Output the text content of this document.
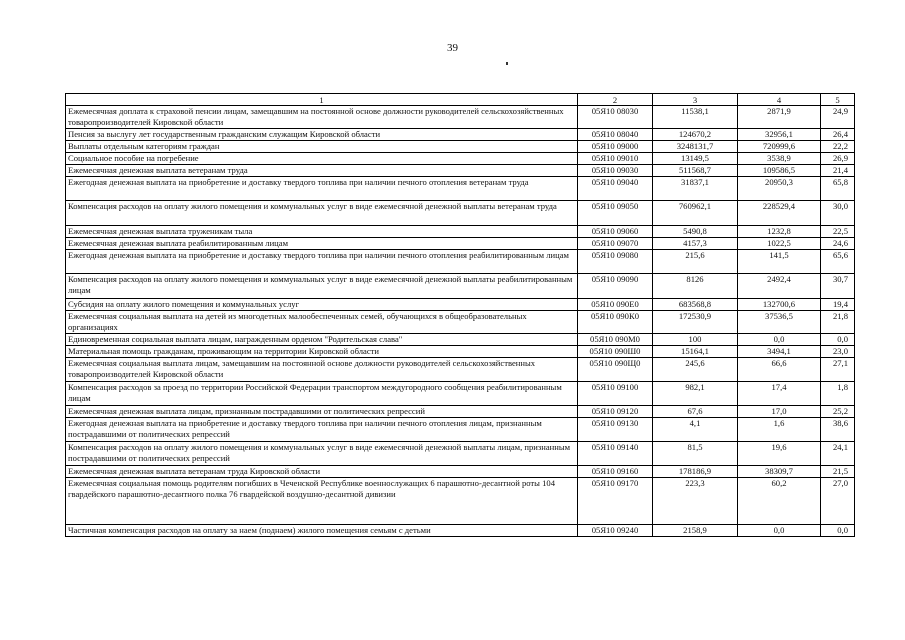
39
1	2	3	4	5
Ежемесячная доплата к страховой пенсии лицам, замещавшим на постоянной основе должности руководителей сельскохозяйственных товаропроизводителей Кировской области	05Я10 08030	11538,1	2871,9	24,9
Пенсия за выслугу лет государственным гражданским служащим Кировской области	05Я10 08040	124670,2	32956,1	26,4
Выплаты отдельным категориям граждан	05Я10 09000	3248131,7	720999,6	22,2
Социальное пособие на погребение	05Я10 09010	13149,5	3538,9	26,9
Ежемесячная денежная выплата ветеранам труда	05Я10 09030	511568,7	109586,5	21,4
Ежегодная денежная выплата на приобретение и доставку твердого топлива при наличии печного отопления ветеранам труда	05Я10 09040	31837,1	20950,3	65,8
Компенсация расходов на оплату жилого помещения и коммунальных услуг в виде ежемесячной денежной выплаты ветеранам труда	05Я10 09050	760962,1	228529,4	30,0
Ежемесячная денежная выплата труженикам тыла	05Я10 09060	5490,8	1232,8	22,5
Ежемесячная денежная выплата реабилитированным лицам	05Я10 09070	4157,3	1022,5	24,6
Ежегодная денежная выплата на приобретение и доставку твердого топлива при наличии печного отопления реабилитированным лицам	05Я10 09080	215,6	141,5	65,6
Компенсация расходов на оплату жилого помещения и коммунальных услуг в виде ежемесячной денежной выплаты реабилитированным лицам	05Я10 09090	8126	2492,4	30,7
Субсидия на оплату жилого помещения и коммунальных услуг	05Я10 090Е0	683568,8	132700,6	19,4
Ежемесячная социальная выплата на детей из многодетных малообеспеченных семей, обучающихся в общеобразовательных организациях	05Я10 090К0	172530,9	37536,5	21,8
Единовременная социальная выплата лицам, награжденным орденом "Родительская слава"	05Я10 090М0	100	0,0	0,0
Материальная помощь гражданам, проживающим на территории Кировской области	05Я10 090Ш0	15164,1	3494,1	23,0
Ежемесячная социальная выплата лицам, замещавшим на постоянной основе должности руководителей сельскохозяйственных товаропроизводителей Кировской области	05Я10 090Щ0	245,6	66,6	27,1
Компенсация расходов за проезд по территории Российской Федерации транспортом междугородного сообщения реабилитированным лицам	05Я10 09100	982,1	17,4	1,8
Ежемесячная денежная выплата лицам, признанным пострадавшими от политических репрессий	05Я10 09120	67,6	17,0	25,2
Ежегодная денежная выплата на приобретение и доставку твердого топлива при наличии печного отопления лицам, признанным пострадавшими от политических репрессий	05Я10 09130	4,1	1,6	38,6
Компенсация расходов на оплату жилого помещения и коммунальных услуг в виде ежемесячной денежной выплаты лицам, признанным пострадавшими от политических репрессий	05Я10 09140	81,5	19,6	24,1
Ежемесячная денежная выплата ветеранам труда Кировской области	05Я10 09160	178186,9	38309,7	21,5
Ежемесячная социальная помощь родителям погибших в Чеченской Республике военнослужащих 6 парашютно-десантной роты 104 гвардейского парашютно-десантного полка 76 гвардейской воздушно-десантной дивизии	05Я10 09170	223,3	60,2	27,0
Частичная компенсация расходов на оплату за наем (поднаем) жилого помещения семьям с детьми	05Я10 09240	2158,9	0,0	0,0
